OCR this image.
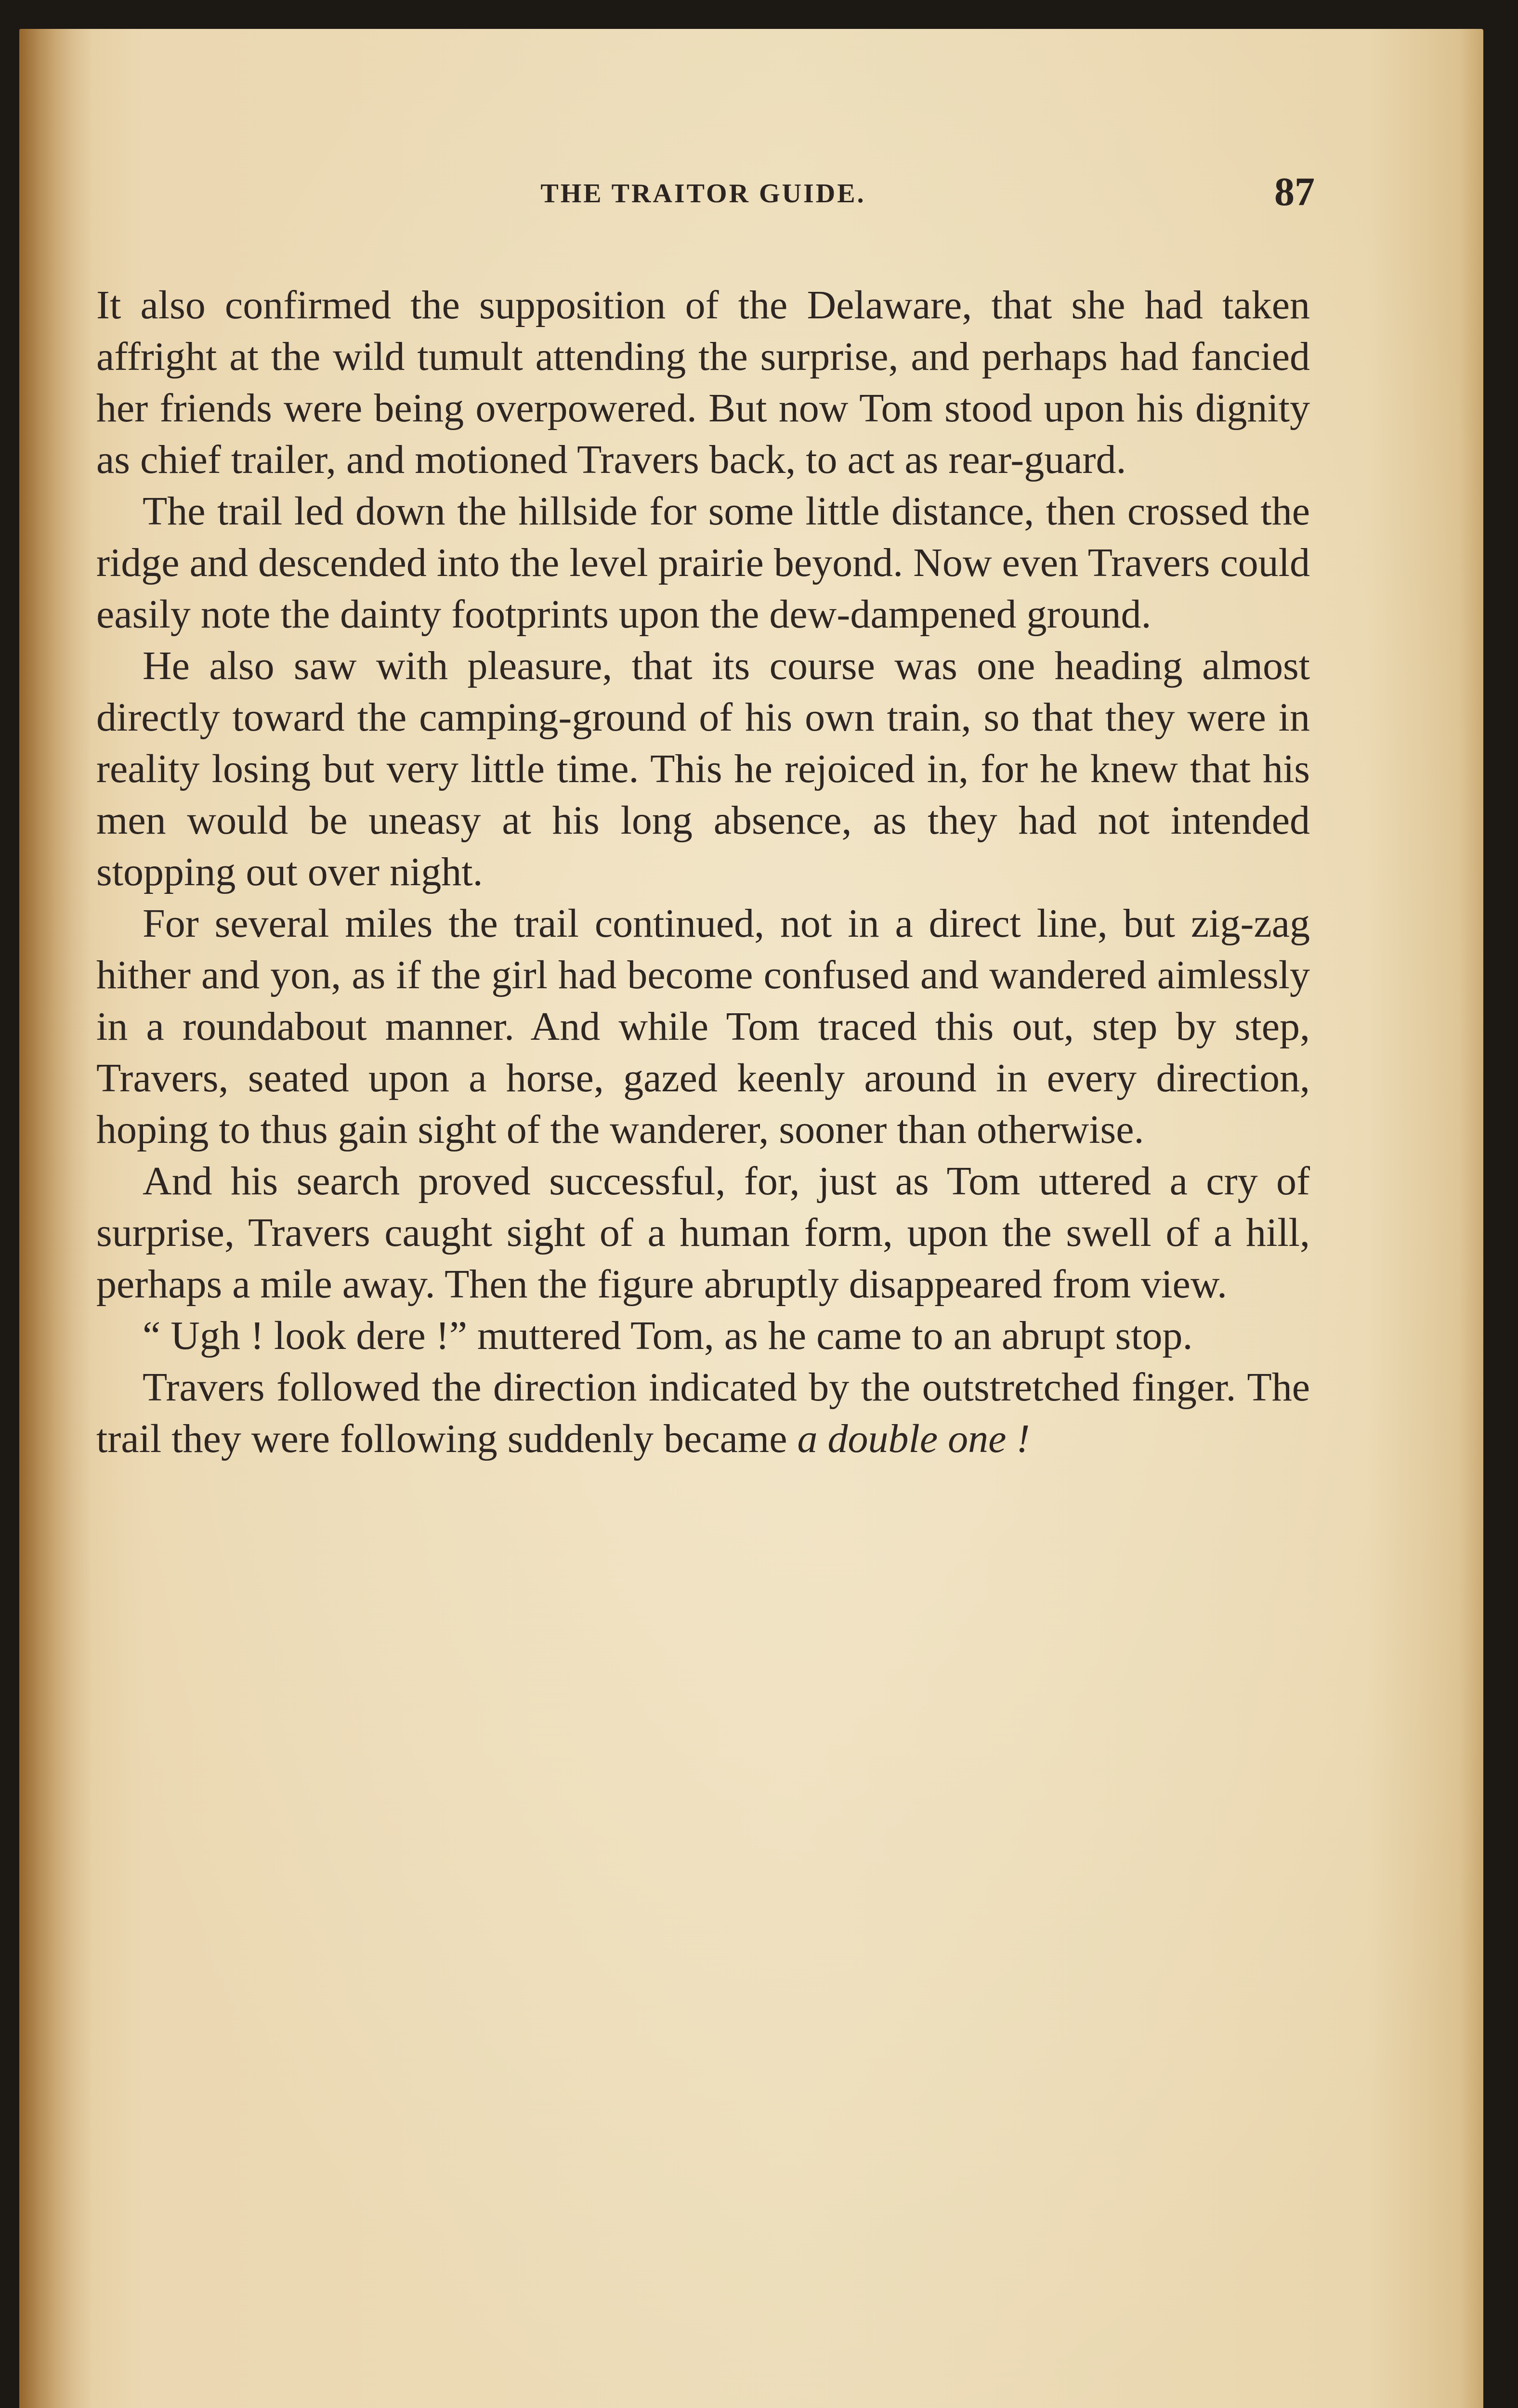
THE TRAITOR GUIDE.	87

It also confirmed the supposition of the Delaware, that she had taken affright at the wild tumult attending the surprise, and perhaps had fancied her friends were being overpowered. But now Tom stood upon his dignity as chief trailer, and motioned Travers back, to act as rear-guard.

The trail led down the hillside for some little distance, then crossed the ridge and descended into the level prairie beyond. Now even Travers could easily note the dainty footprints upon the dew-dampened ground.

He also saw with pleasure, that its course was one heading almost directly toward the camping-ground of his own train, so that they were in reality losing but very little time. This he rejoiced in, for he knew that his men would be uneasy at his long absence, as they had not intended stopping out over night.

For several miles the trail continued, not in a direct line, but zig-zag hither and yon, as if the girl had become confused and wandered aimlessly in a roundabout manner. And while Tom traced this out, step by step, Travers, seated upon a horse, gazed keenly around in every direction, hoping to thus gain sight of the wanderer, sooner than otherwise.

And his search proved successful, for, just as Tom uttered a cry of surprise, Travers caught sight of a human form, upon the swell of a hill, perhaps a mile away. Then the figure abruptly disappeared from view.

“ Ugh ! look dere !” muttered Tom, as he came to an abrupt stop.

Travers followed the direction indicated by the outstretched finger. The trail they were following suddenly became a double one !
